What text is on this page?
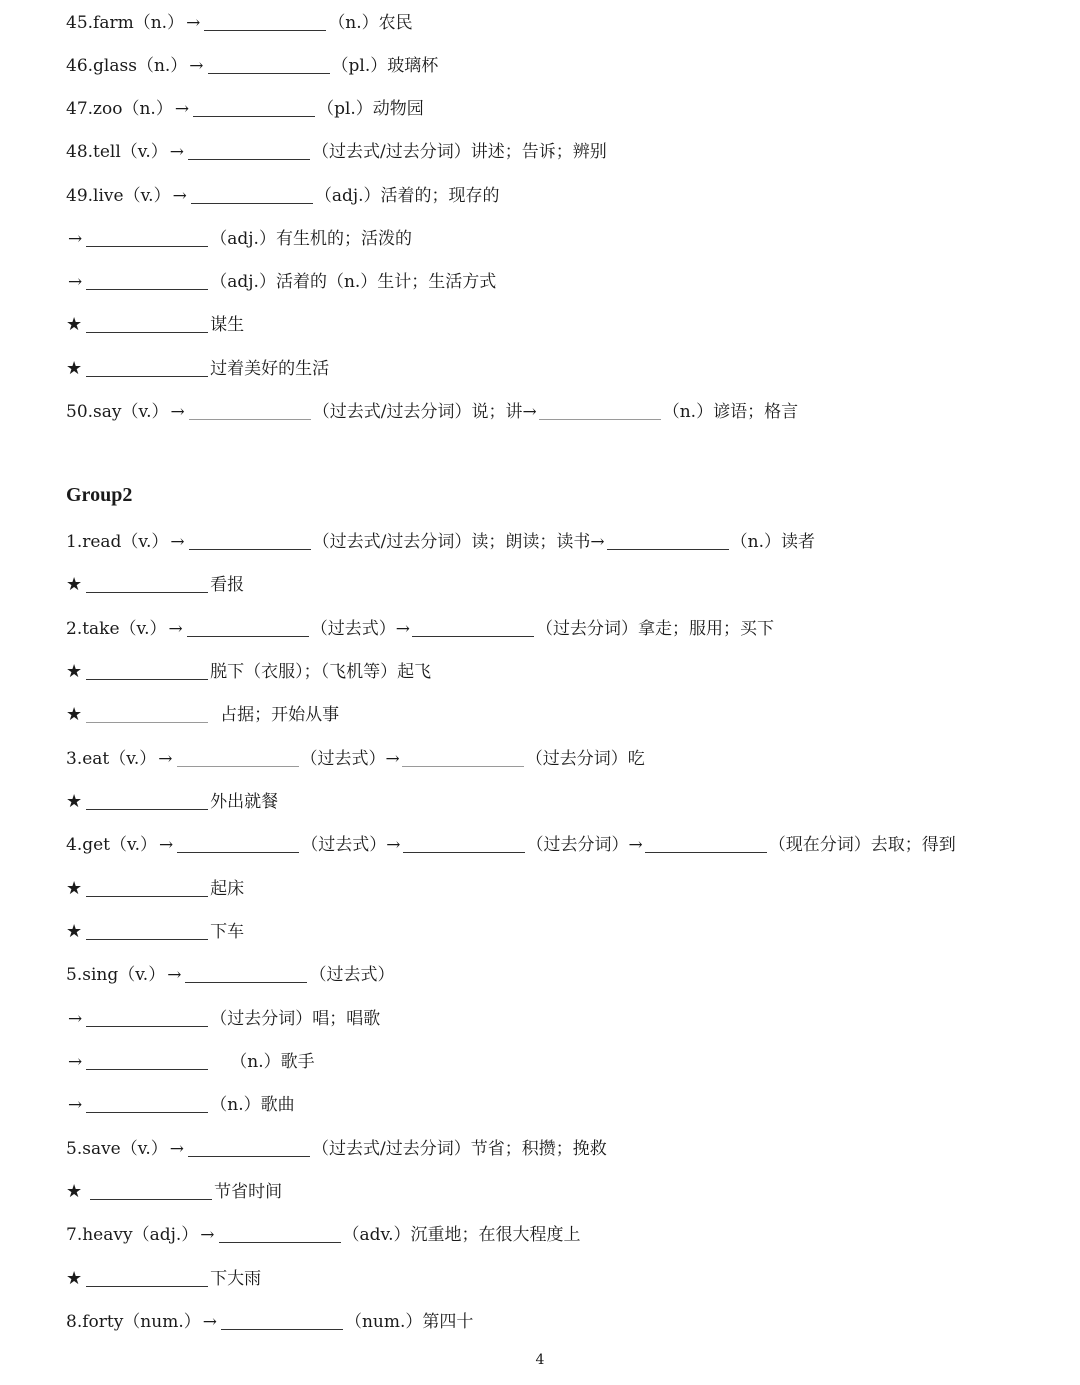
45.farm（n.） →	（n.）农民
46.glass（n.） →	（pl.）玻璃杯
47.zoo（n.） →	（pl.）动物园
48.tell（v.） →	（过去式/过去分词）讲述；告诉；辨别
49.live（v.） →	（adj.）活着的；现存的
→	（adj.）有生机的；活泼的
→	（adj.）活着的（n.）生计；生活方式
★	谋生
★	过着美好的生活
50.say（v.） →	（过去式/过去分词）说；讲→	（n.）谚语；格言
Group2
1.read（v.） →	（过去式/过去分词）读；朗读；读书→	（n.）读者
★	看报
2.take（v.） →	（过去式）→	（过去分词）拿走；服用；买下
★	脱下（衣服）；（飞机等）起飞
★	占据；开始从事
3.eat（v.） →	（过去式）→	（过去分词）吃
★	外出就餐
4.get（v.） →	（过去式）→	（过去分词）→	（现在分词）去取；得到
★	起床
★	下车
5.sing（v.） →	（过去式）
→	（过去分词）唱；唱歌
→	（n.）歌手
→	（n.）歌曲
5.save（v.） →	（过去式/过去分词）节省；积攒；挽救
★	节省时间
7.heavy（adj.） →	（adv.）沉重地；在很大程度上
★	下大雨
8.forty（num.） →	（num.）第四十
4
